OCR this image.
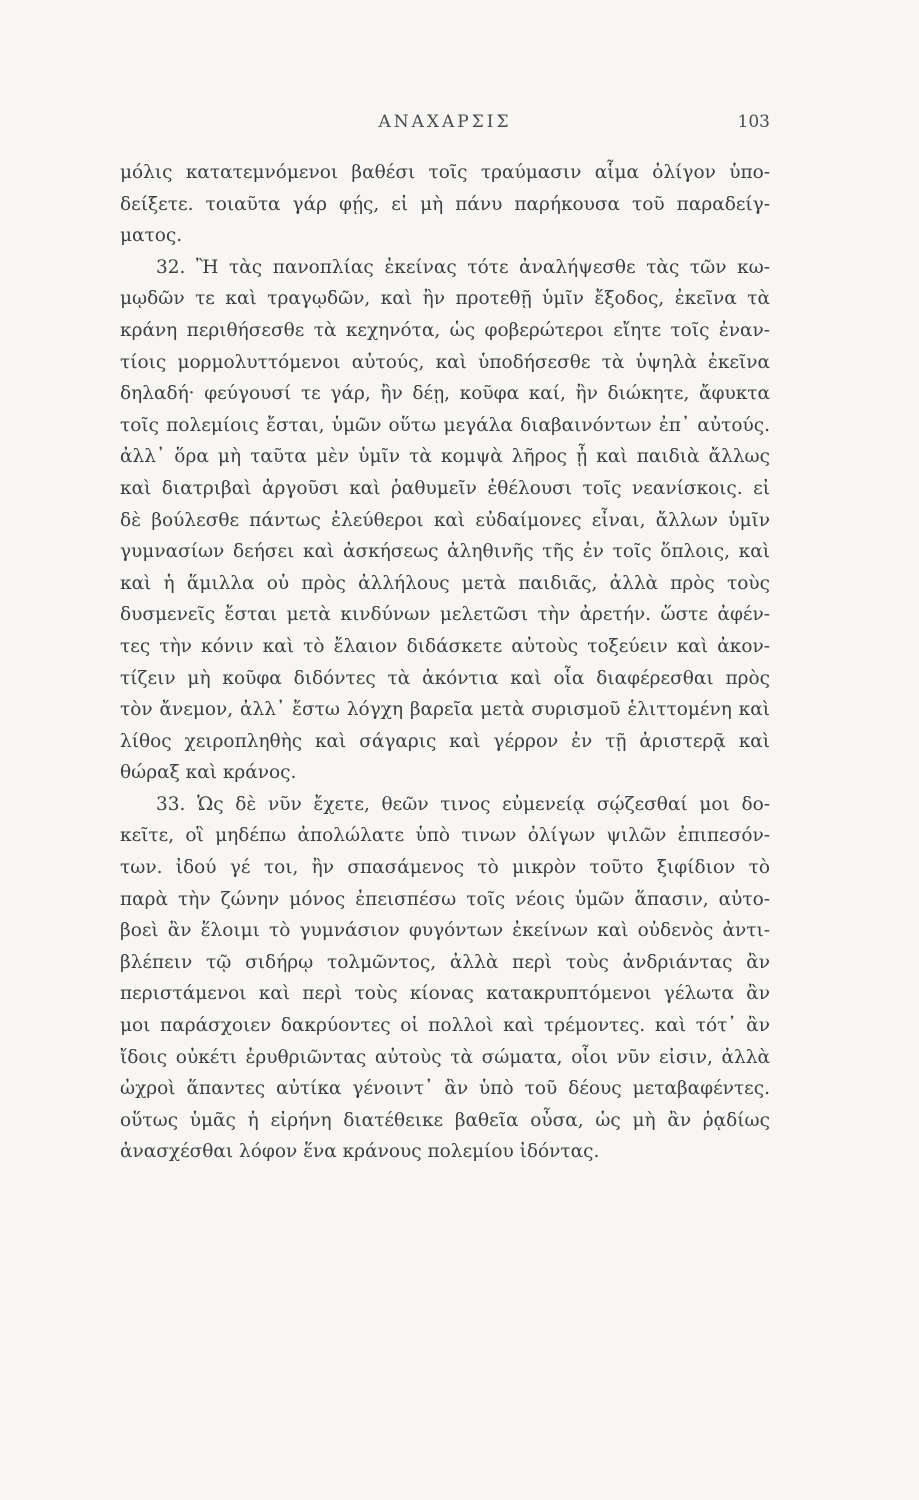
ΑΝΑΧΑΡΣΙΣ	103
μόλις κατατεμνόμενοι βαθέσι τοῖς τραύμασιν αἷμα ὀλίγον ὑπο-
δείξετε. τοιαῦτα γάρ φῄς, εἰ μὴ πάνυ παρήκουσα τοῦ παραδείγ-
ματος.
32. Ἢ τὰς πανοπλίας ἐκείνας τότε ἀναλήψεσθε τὰς τῶν κω-
μῳδῶν τε καὶ τραγῳδῶν, καὶ ἢν προτεθῇ ὑμῖν ἔξοδος, ἐκεῖνα τὰ
κράνη περιθήσεσθε τὰ κεχηνότα, ὡς φοβερώτεροι εἴητε τοῖς ἐναν-
τίοις μορμολυττόμενοι αὐτούς, καὶ ὑποδήσεσθε τὰ ὑψηλὰ ἐκεῖνα
δηλαδή· φεύγουσί τε γάρ, ἢν δέῃ, κοῦφα καί, ἢν διώκητε, ἄφυκτα
τοῖς πολεμίοις ἔσται, ὑμῶν οὕτω μεγάλα διαβαινόντων ἐπ᾽ αὐτούς.
ἀλλ᾽ ὅρα μὴ ταῦτα μὲν ὑμῖν τὰ κομψὰ λῆρος ᾖ καὶ παιδιὰ ἄλλως
καὶ διατριβαὶ ἀργοῦσι καὶ ῥαθυμεῖν ἐθέλουσι τοῖς νεανίσκοις. εἰ
δὲ βούλεσθε πάντως ἐλεύθεροι καὶ εὐδαίμονες εἶναι, ἄλλων ὑμῖν
γυμνασίων δεήσει καὶ ἀσκήσεως ἀληθινῆς τῆς ἐν τοῖς ὅπλοις, καὶ
καὶ ἡ ἅμιλλα οὐ πρὸς ἀλλήλους μετὰ παιδιᾶς, ἀλλὰ πρὸς τοὺς
δυσμενεῖς ἔσται μετὰ κινδύνων μελετῶσι τὴν ἀρετήν. ὥστε ἀφέν-
τες τὴν κόνιν καὶ τὸ ἔλαιον διδάσκετε αὐτοὺς τοξεύειν καὶ ἀκον-
τίζειν μὴ κοῦφα διδόντες τὰ ἀκόντια καὶ οἷα διαφέρεσθαι πρὸς
τὸν ἄνεμον, ἀλλ᾽ ἔστω λόγχη βαρεῖα μετὰ συρισμοῦ ἑλιττομένη καὶ
λίθος χειροπληθὴς καὶ σάγαρις καὶ γέρρον ἐν τῇ ἀριστερᾷ καὶ
θώραξ καὶ κράνος.
33. Ὡς δὲ νῦν ἔχετε, θεῶν τινος εὐμενείᾳ σῴζεσθαί μοι δο-
κεῖτε, οἳ μηδέπω ἀπολώλατε ὑπὸ τινων ὀλίγων ψιλῶν ἐπιπεσόν-
των. ἰδού γέ τοι, ἢν σπασάμενος τὸ μικρὸν τοῦτο ξιφίδιον τὸ
παρὰ τὴν ζώνην μόνος ἐπεισπέσω τοῖς νέοις ὑμῶν ἅπασιν, αὐτο-
βοεὶ ἂν ἕλοιμι τὸ γυμνάσιον φυγόντων ἐκείνων καὶ οὐδενὸς ἀντι-
βλέπειν τῷ σιδήρῳ τολμῶντος, ἀλλὰ περὶ τοὺς ἀνδριάντας ἂν
περιστάμενοι καὶ περὶ τοὺς κίονας κατακρυπτόμενοι γέλωτα ἂν
μοι παράσχοιεν δακρύοντες οἱ πολλοὶ καὶ τρέμοντες. καὶ τότ᾽ ἂν
ἴδοις οὐκέτι ἐρυθριῶντας αὐτοὺς τὰ σώματα, οἷοι νῦν εἰσιν, ἀλλὰ
ὠχροὶ ἅπαντες αὐτίκα γένοιντ᾽ ἂν ὑπὸ τοῦ δέους μεταβαφέντες.
οὕτως ὑμᾶς ἡ εἰρήνη διατέθεικε βαθεῖα οὖσα, ὡς μὴ ἂν ῥᾳδίως
ἀνασχέσθαι λόφον ἕνα κράνους πολεμίου ἰδόντας.
